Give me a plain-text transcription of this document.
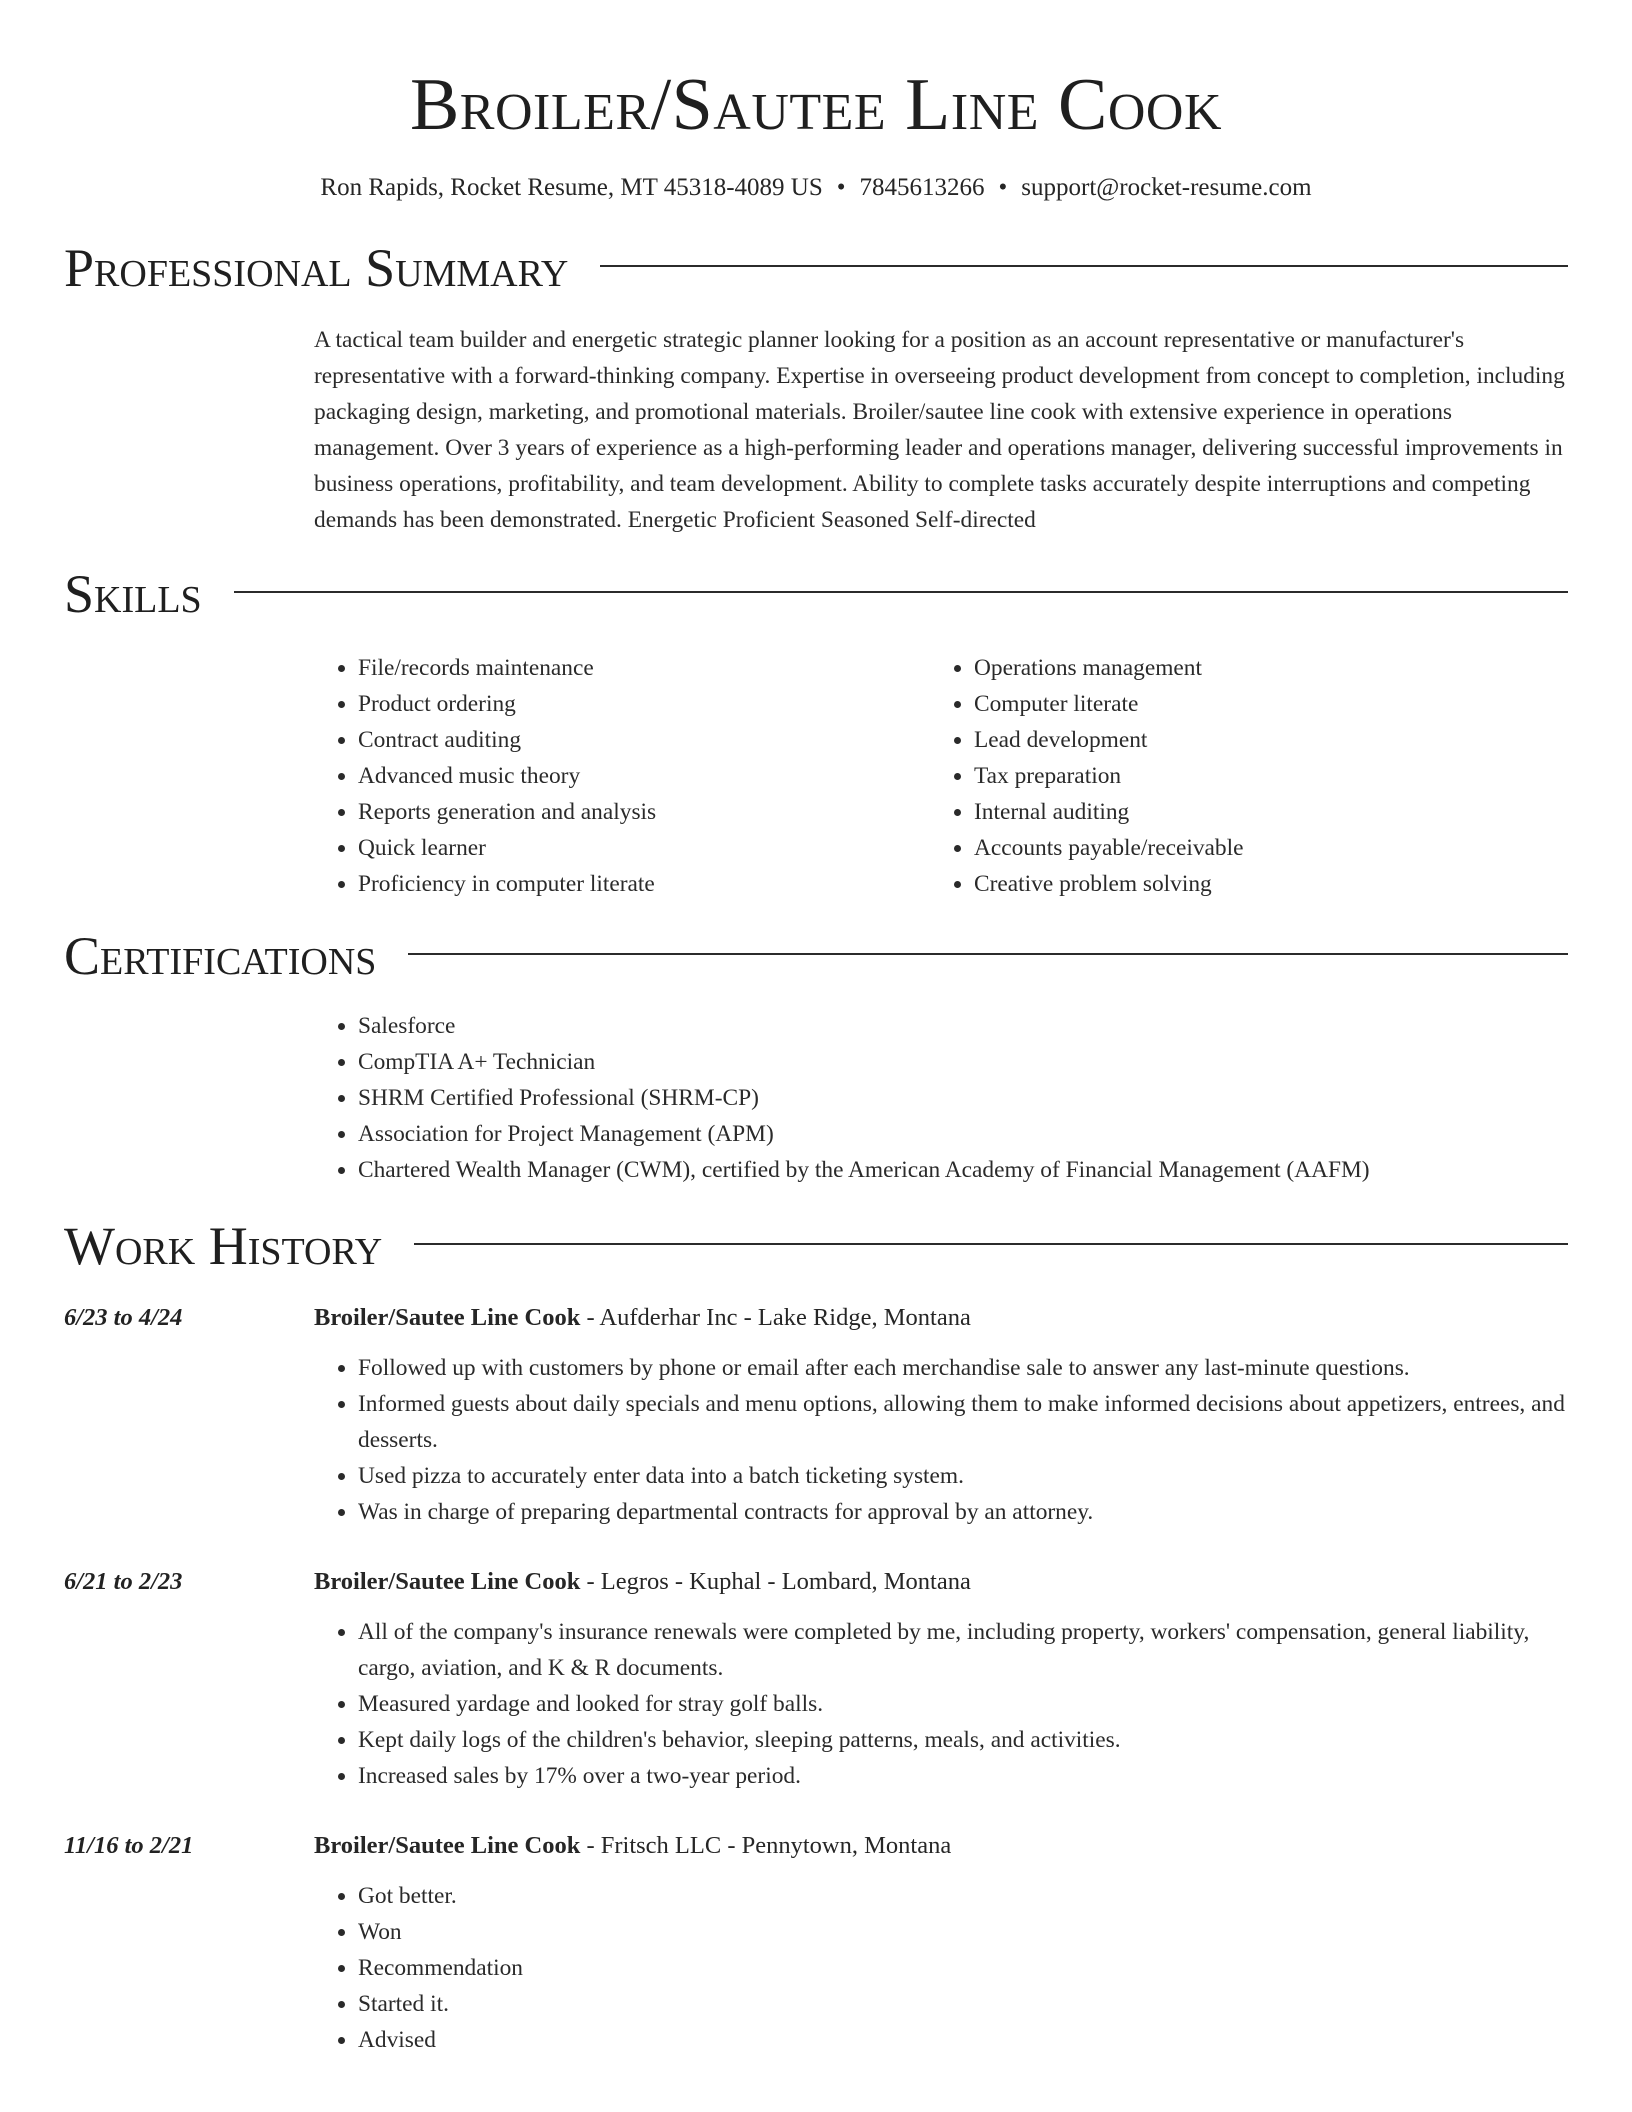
Broiler/Sautee Line Cook
Ron Rapids, Rocket Resume, MT 45318-4089 US • 7845613266 • support@rocket-resume.com
Professional Summary

A tactical team builder and energetic strategic planner looking for a position as an account representative or manufacturer's representative with a forward-thinking company. Expertise in overseeing product development from concept to completion, including packaging design, marketing, and promotional materials. Broiler/sautee line cook with extensive experience in operations management. Over 3 years of experience as a high-performing leader and operations manager, delivering successful improvements in business operations, profitability, and team development. Ability to complete tasks accurately despite interruptions and competing demands has been demonstrated. Energetic Proficient Seasoned Self-directed

Skills
• File/records maintenance
• Product ordering
• Contract auditing
• Advanced music theory
• Reports generation and analysis
• Quick learner
• Proficiency in computer literate
• Operations management
• Computer literate
• Lead development
• Tax preparation
• Internal auditing
• Accounts payable/receivable
• Creative problem solving
Certifications
• Salesforce
• CompTIA A+ Technician
• SHRM Certified Professional (SHRM-CP)
• Association for Project Management (APM)
• Chartered Wealth Manager (CWM), certified by the American Academy of Financial Management (AAFM)
Work History
6/23 to 4/24	Broiler/Sautee Line Cook - Aufderhar Inc - Lake Ridge, Montana
• Followed up with customers by phone or email after each merchandise sale to answer any last-minute questions.
• Informed guests about daily specials and menu options, allowing them to make informed decisions about appetizers, entrees, and desserts.
• Used pizza to accurately enter data into a batch ticketing system.
• Was in charge of preparing departmental contracts for approval by an attorney.
6/21 to 2/23	Broiler/Sautee Line Cook - Legros - Kuphal - Lombard, Montana
• All of the company's insurance renewals were completed by me, including property, workers' compensation, general liability, cargo, aviation, and K & R documents.
• Measured yardage and looked for stray golf balls.
• Kept daily logs of the children's behavior, sleeping patterns, meals, and activities.
• Increased sales by 17% over a two-year period.
11/16 to 2/21	Broiler/Sautee Line Cook - Fritsch LLC - Pennytown, Montana
• Got better.
• Won
• Recommendation
• Started it.
• Advised
